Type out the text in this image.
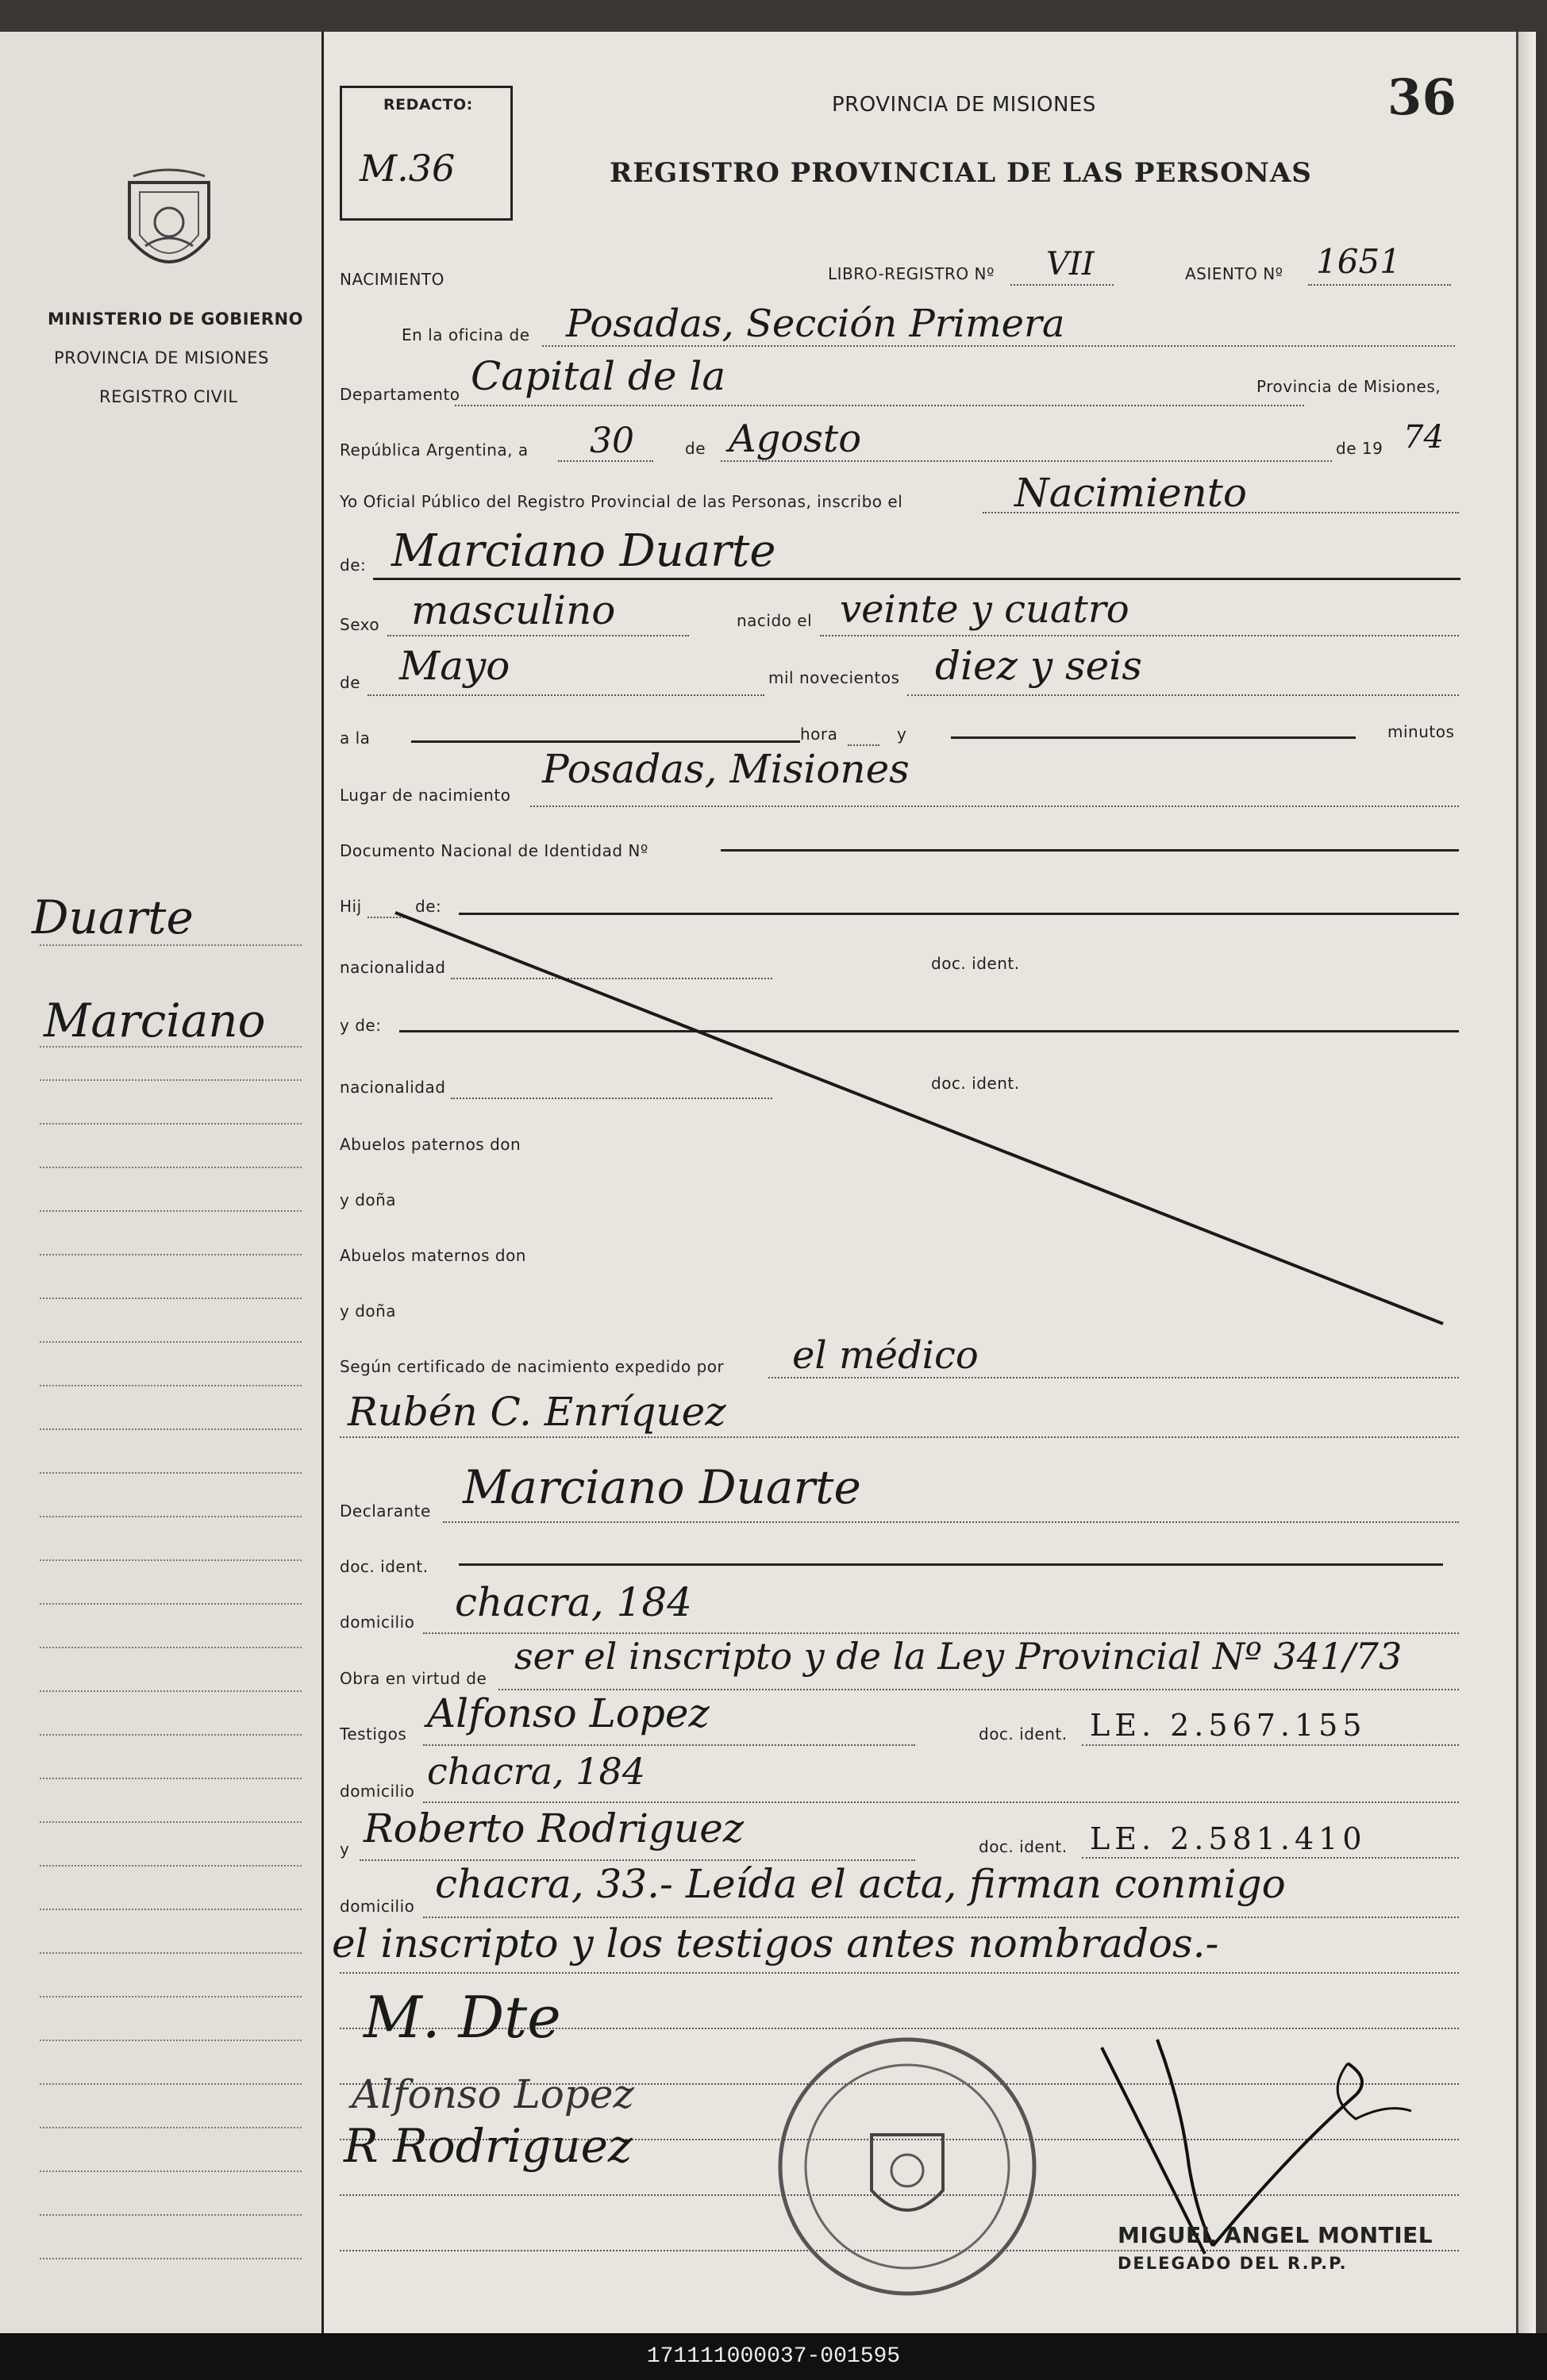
MINISTERIO DE GOBIERNO
PROVINCIA DE MISIONES
REGISTRO CIVIL
Duarte
Marciano
REDACTO:
M.36
PROVINCIA DE MISIONES
REGISTRO PROVINCIAL DE LAS PERSONAS
36
NACIMIENTO	LIBRO-REGISTRO Nº VII	ASIENTO Nº 1651
En la oficina de Posadas, Sección Primera
Departamento Capital de la	Provincia de Misiones,
República Argentina, a 30	de Agosto	de 19 74
Yo Oficial Público del Registro Provincial de las Personas, inscribo el	Nacimiento
de: Marciano Duarte
Sexo masculino	nacido el veinte y cuatro
de Mayo	mil novecientos diez y seis
a la	hora	y	minutos
Lugar de nacimiento
Posadas, Misiones
Documento Nacional de Identidad Nº
Hij	de:
nacionalidad	doc. ident.
y de:
nacionalidad	doc. ident.
Abuelos paternos don
y doña
Abuelos maternos don
y doña
Según certificado de nacimiento expedido por el médico
Rubén C. Enríquez
Declarante Marciano Duarte
doc. ident.
domicilio chacra, 184
Obra en virtud de
ser el inscripto y de la Ley Provincial Nº 341/73
Testigos Alfonso Lopez	doc. ident. LE. 2.567.155
domicilio chacra, 184
y Roberto Rodriguez	doc. ident. LE. 2.581.410
domicilio chacra, 33.- Leída el acta, firman conmigo
el inscripto y los testigos antes nombrados.-
M. Dte
Alfonso Lopez
R Rodriguez
MIGUEL ANGEL MONTIEL
DELEGADO DEL R.P.P.
171111000037-001595
